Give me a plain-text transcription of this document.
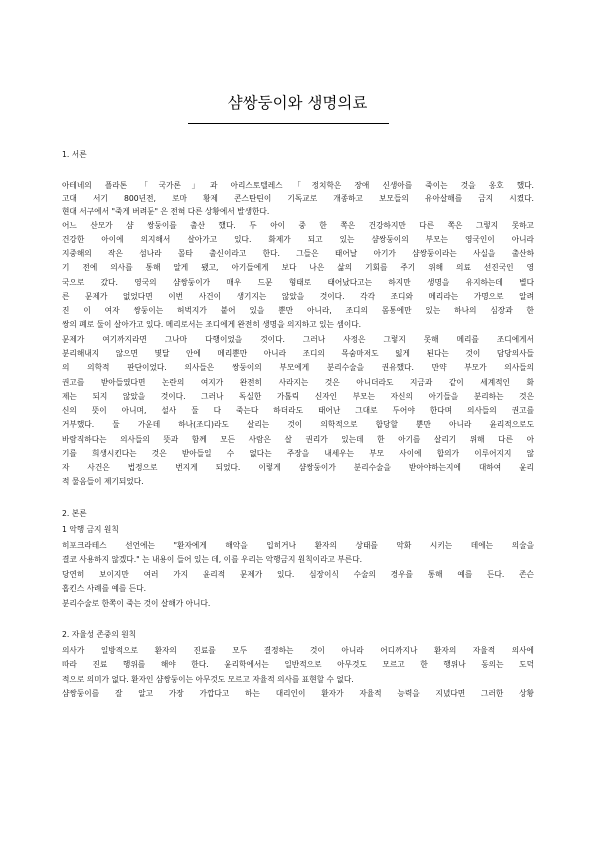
샴쌍둥이와 생명의료
1. 서론
아테네의 플라톤 「국가론」과 아리스토텔레스「정치학은 장애 신생아를 죽이는 것을 옹호 했다.
고대 서기 800년전, 로마 황제 콘스탄틴이 기독교로 개종하고 보모들의 유아살해를 금지 시켰다.
현대 서구에서 "죽게 버려둔" 은 전혀 다른 상황에서 발생한다.
어느 산모가 샴 쌍둥이를 출산 했다. 두 아이 중 한 쪽은 건강하지만 다른 쪽은 그렇지 못하고
건강한 아이에 의지해서 살아가고 있다. 화제가 되고 있는 샴쌍둥이의 부모는 영국인이 아니라
지중해의 작은 섬나라 몰타 출신이라고 한다. 그들은 태어날 아기가 샴쌍둥이라는 사실을 출산하
기 전에 의사를 통해 알게 됐고, 아기들에게 보다 나은 삶의 기회를 주기 위해 의료 선진국인 영
국으로 갔다. 영국의 샴쌍둥이가 매우 드문 형태로 태어났다고는 하지만 생명을 유지하는데 별다
른 문제가 없었다면 이번 사건이 생기지는 않았을 것이다. 각각 조디와 메리라는 가명으로 알려
진 이 여자 쌍둥이는 허벅지가 붙어 있을 뿐만 아니라, 조디의 몸통에만 있는 하나의 심장과 한
쌍의 폐로 둘이 살아가고 있다. 메리로서는 조디에게 완전히 생명을 의지하고 있는 셈이다.
문제가 여기까지라면 그나마 다행이었을 것이다. 그러나 사정은 그렇지 못해 메리를 조디에게서
분리해내지 않으면 몇달 안에 메리뿐만 아니라 조디의 목숨마저도 잃게 된다는 것이 담당의사들
의 의학적 판단이었다. 의사들은 쌍둥이의 부모에게 분리수술을 권유했다. 만약 부모가 의사들의
권고를 받아들였다면 논란의 여지가 완전히 사라지는 것은 아니더라도 지금과 같이 세계적인 화
제는 되지 않았을 것이다. 그러나 독실한 가톨릭 신자인 부모는 자신의 아기들을 분리하는 것은
신의 뜻이 아니며, 설사 둘 다 죽는다 하더라도 태어난 그대로 두어야 한다며 의사들의 권고를
거부했다. 둘 가운데 하나(조디)라도 살리는 것이 의학적으로 합당할 뿐만 아니라 윤리적으로도
바람직하다는 의사들의 뜻과 함께 모든 사람은 살 권리가 있는데 한 아기를 살리기 위해 다른 아
기를 희생시킨다는 것은 받아들일 수 없다는 주장을 내세우는 부모 사이에 합의가 이루어지지 않
자 사건은 법정으로 번지게 되었다. 이렇게 샴쌍둥이가 분리수술을 받아야하는지에 대하여 윤리
적 물음들이 제기되었다.
2. 본론
1 악행 금지 원칙
히포크라테스 선언에는 "환자에게 해악을 입히거나 환자의 상태를 악화 시키는 데에는 의술을
결코 사용하지 않겠다." 는 내용이 들어 있는 데, 이를 우리는 악행금지 원칙이라고 부른다.
당연히 보이지만 여러 가지 윤리적 문제가 있다. 심장이식 수술의 경우를 통해 예를 든다. 존슨
홉킨스 사례를 예를 든다.
분리수술로 한쪽이 죽는 것이 살해가 아니다.
2. 자율성 존중의 원칙
의사가 일방적으로 환자의 진료를 모두 결정하는 것이 아니라 어디까지나 환자의 자율적 의사에
따라 진료 행위를 해야 한다. 윤리학에서는 일반적으로 아무것도 모르고 한 행위나 동의는 도덕
적으로 의미가 없다. 환자인 샴쌍둥이는 아무것도 모르고 자율적 의사를 표현할 수 없다.
샴쌍둥이를 잘 알고 가장 가깝다고 하는 대리인이 환자가 자율적 능력을 지녔다면 그러한 상황
